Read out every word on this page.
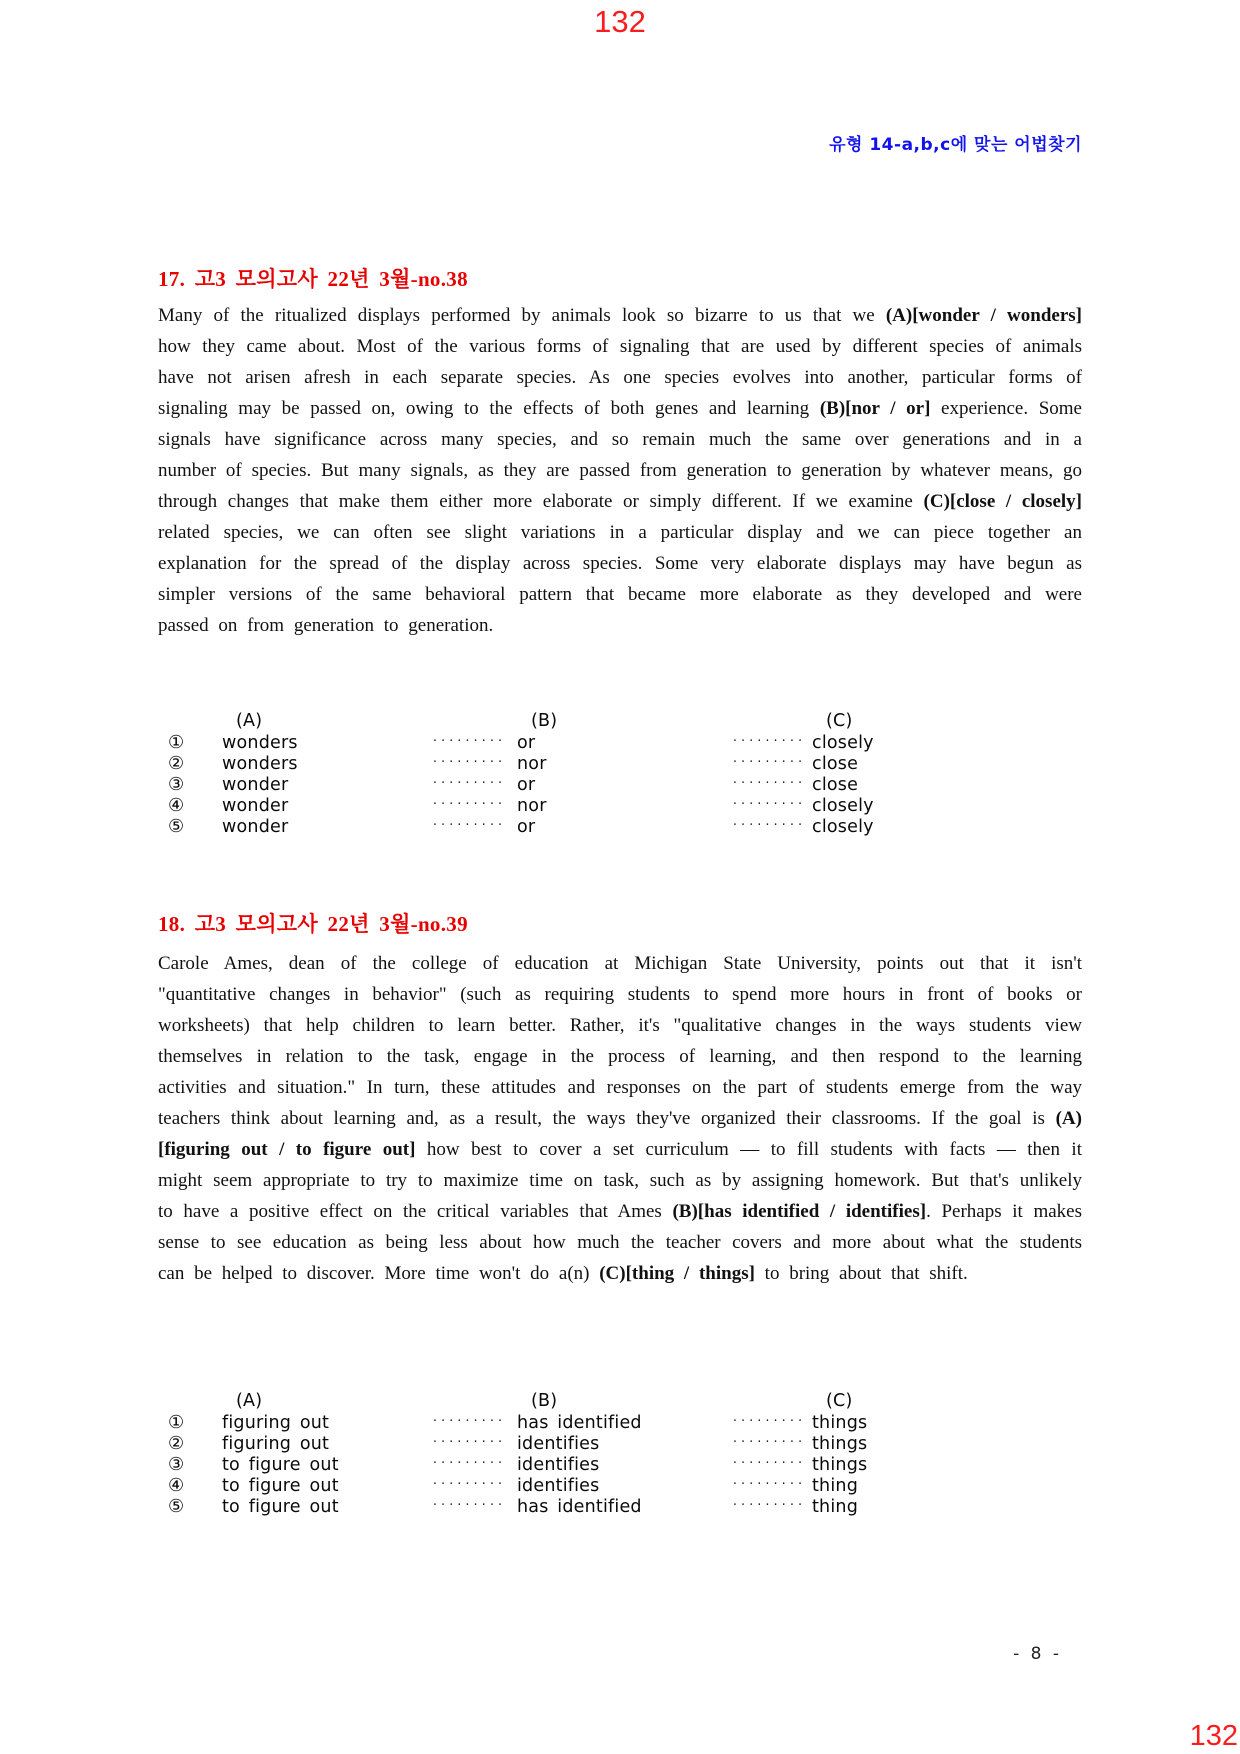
132
유형 14-a,b,c에 맞는 어법찾기
17. 고3 모의고사 22년 3월-no.38
Many of the ritualized displays performed by animals look so bizarre to us that we (A)[wonder / wonders] how they came about. Most of the various forms of signaling that are used by different species of animals have not arisen afresh in each separate species. As one species evolves into another, particular forms of signaling may be passed on, owing to the effects of both genes and learning (B)[nor / or] experience. Some signals have significance across many species, and so remain much the same over generations and in a number of species. But many signals, as they are passed from generation to generation by whatever means, go through changes that make them either more elaborate or simply different. If we examine (C)[close / closely] related species, we can often see slight variations in a particular display and we can piece together an explanation for the spread of the display across species. Some very elaborate displays may have begun as simpler versions of the same behavioral pattern that became more elaborate as they developed and were passed on from generation to generation.
(A)	(B)	(C)
①	wonders	········· or	········· closely
②	wonders	········· nor	········· close
③	wonder	········· or	········· close
④	wonder	········· nor	········· closely
⑤	wonder	········· or	········· closely
18. 고3 모의고사 22년 3월-no.39
Carole Ames, dean of the college of education at Michigan State University, points out that it isn't "quantitative changes in behavior" (such as requiring students to spend more hours in front of books or worksheets) that help children to learn better. Rather, it's "qualitative changes in the ways students view themselves in relation to the task, engage in the process of learning, and then respond to the learning activities and situation." In turn, these attitudes and responses on the part of students emerge from the way teachers think about learning and, as a result, the ways they've organized their classrooms. If the goal is (A)[figuring out / to figure out] how best to cover a set curriculum — to fill students with facts — then it might seem appropriate to try to maximize time on task, such as by assigning homework. But that's unlikely to have a positive effect on the critical variables that Ames (B)[has identified / identifies]. Perhaps it makes sense to see education as being less about how much the teacher covers and more about what the students can be helped to discover. More time won't do a(n) (C)[thing / things] to bring about that shift.
(A)	(B)	(C)
①	figuring out	········· has identified	········· things
②	figuring out	········· identifies	········· things
③	to figure out	········· identifies	········· things
④	to figure out	········· identifies	········· thing
⑤	to figure out	········· has identified	········· thing
- 8 -
132
